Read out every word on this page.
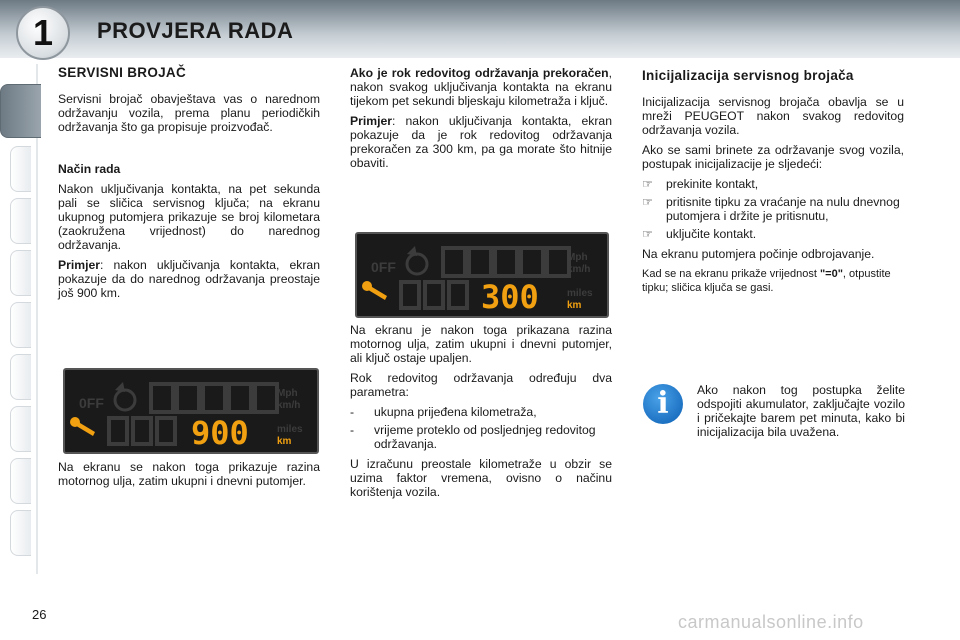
1	PROVJERA RADA
SERVISNI BROJAČ

Servisni brojač obavještava vas o narednom održavanju vozila, prema planu periodičkih održavanja što ga propisuje proizvođač.

Način rada

Nakon uključivanja kontakta, na pet sekunda pali se sličica servisnog ključa; na ekranu ukupnog putomjera prikazuje se broj kilometara (zaokružena vrijednost) do narednog održavanja.

Primjer: nakon uključivanja kontakta, ekran pokazuje da do narednog održavanja preostaje još 900 km.

Na ekranu se nakon toga prikazuje razina motornog ulja, zatim ukupni i dnevni putomjer.

0FF
Mph
km/h
900	miles
km

Ako je rok redovitog održavanja prekoračen, nakon svakog uključivanja kontakta na ekranu tijekom pet sekundi bljeskaju kilometraža i ključ.

Primjer: nakon uključivanja kontakta, ekran pokazuje da je rok redovitog održavanja prekoračen za 300 km, pa ga morate što hitnije obaviti.

0FF
Mph
km/h
300	miles
km

Na ekranu je nakon toga prikazana razina motornog ulja, zatim ukupni i dnevni putomjer, ali ključ ostaje upaljen.

Rok redovitog održavanja određuju dva parametra:

- ukupna prijeđena kilometraža,
- vrijeme proteklo od posljednjeg redovitog održavanja.

U izračunu preostale kilometraže u obzir se uzima faktor vremena, ovisno o načinu korištenja vozila.

Inicijalizacija servisnog brojača

Inicijalizacija servisnog brojača obavlja se u mreži PEUGEOT nakon svakog redovitog održavanja vozila.

Ako se sami brinete za održavanje svog vozila, postupak inicijalizacije je sljedeći:

☞ prekinite kontakt,
☞ pritisnite tipku za vraćanje na nulu dnevnog putomjera i držite je pritisnutu,
☞ uključite kontakt.

Na ekranu putomjera počinje odbrojavanje.

Kad se na ekranu prikaže vrijednost "=0", otpustite tipku; sličica ključa se gasi.

i	Ako nakon tog postupka želite odspojiti akumulator, zaključajte vozilo i pričekajte barem pet minuta, kako bi inicijalizacija bila uvažena.
26	carmanualsonline.info
